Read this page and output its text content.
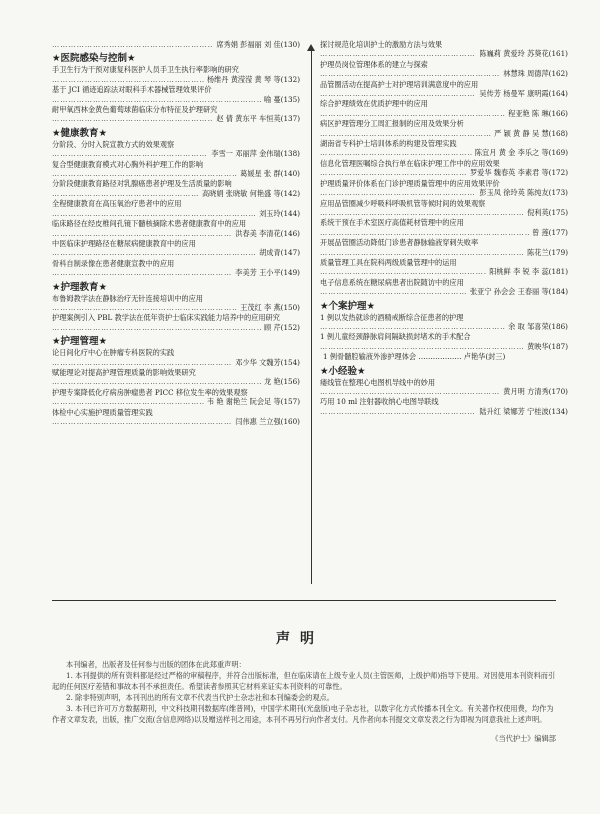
……………………………………………………………………………………………………………………
席秀娟 彭福丽 刘 佳(130)
★医院感染与控制★
手卫生行为干预对康复科医护人员手卫生执行率影响的研究
……………………………………………………………………………………………………………………
杨维丹 黄滢滢 黄 琴 等(132)
基于 JCI 循迹追踪法对眼科手术器械管理效果评价
……………………………………………………………………………………………………………………
喻 蔓(135)
耐甲氧西林金黄色葡萄球菌临床分布特征及护理研究
……………………………………………………………………………………………………………………
赵 倩 黄东平 车恒英(137)
★健康教育★
分阶段、分时入院宣教方式的效果观察
……………………………………………………………………………………………………………………
李雪一 邓丽萍 金伟瑞(138)
复合型健康教育模式对心胸外科护理工作的影响
……………………………………………………………………………………………………………………
葛媛星 张 群(140)
分阶段健康教育路径对乳腺癌患者护理及生活质量的影响
……………………………………………………………………………………………………………………
高晓娟 张晓敏 何艳盛 等(142)
全程健康教育在高压氧治疗患者中的应用
……………………………………………………………………………………………………………………
刘玉玲(144)
临床路径在经皮椎间孔镜下髓核摘除术患者健康教育中的应用
……………………………………………………………………………………………………………………
洪春美 李清花(146)
中医临床护理路径在糖尿病健康教育中的应用
……………………………………………………………………………………………………………………
胡成青(147)
骨科自制录像在患者健康宣教中的应用
……………………………………………………………………………………………………………………
李美芳 王小平(149)
★护理教育★
布鲁姆教学法在静脉治疗无针连接培训中的应用
……………………………………………………………………………………………………………………
王茂红 李 燕(150)
护理案例引入 PBL 教学法在低年资护士临床实践能力培养中的应用研究
……………………………………………………………………………………………………………………
顾 芹(152)
★护理管理★
论日间化疗中心在肿瘤专科医院的实践
……………………………………………………………………………………………………………………
邓少华 文魏芳(154)
赋能理论对提高护理管理质量的影响效果研究
……………………………………………………………………………………………………………………
龙 艳(156)
护理专案降低化疗病房肿瘤患者 PICC 移位发生率的效果观察
……………………………………………………………………………………………………………………
韦 艳 谢艳兰 阮会足 等(157)
体检中心实施护理质量管理实践
……………………………………………………………………………………………………………………
闫伟惠 兰立强(160)
探讨规范化培训护士的激励方法与效果
……………………………………………………………………………………………………………………
陈巍莉 黄爱玲 苏葵花(161)
护理员岗位管理体系的建立与探索
……………………………………………………………………………………………………………………
林慧珠 周德萍(162)
品管圈活动在提高护士对护理培训满意度中的应用
……………………………………………………………………………………………………………………
吴传芳 杨曼军 康明霞(164)
综合护理绩效在优质护理中的应用
……………………………………………………………………………………………………………………
程亚艳 陈 琳(166)
病区护理管理分工周汇报制的应用及效果分析
……………………………………………………………………………………………………………………
严 颖 黄 静 吴 慧(168)
湖南省专科护士培训体系的构建及管理实践
……………………………………………………………………………………………………………………
陈宜月 黄 金 李乐之 等(169)
信息化管理医嘱综合执行单在临床护理工作中的应用效果
……………………………………………………………………………………………………………………
罗爱华 魏春英 李素君 等(172)
护理质量评价体系在门诊护理质量管理中的应用效果评价
……………………………………………………………………………………………………………………
彭玉凤 徐玲英 陈纯友(173)
应用品管圈减少呼吸科呼吸机管等候时间的效果观察
……………………………………………………………………………………………………………………
倪利英(175)
系统干预在手术室医疗高值耗材管理中的应用
……………………………………………………………………………………………………………………
曾 莲(177)
开展品管圈活动降低门诊患者静脉输液穿刺失败率
……………………………………………………………………………………………………………………
陈花兰(179)
质量管理工具在院科两级质量管理中的运用
……………………………………………………………………………………………………………………
阳桃鲜 李 锐 李 蕊(181)
电子信息系统在糖尿病患者出院随访中的应用
……………………………………………………………………………………………………………………
张亚宁 孙会会 王春丽 等(184)
★个案护理★
1 例以发热就诊的酒精戒断综合征患者的护理
……………………………………………………………………………………………………………………
余 取 邹喜荣(186)
1 例儿童经颈静脉肩间隔缺损封堵术的手术配合
……………………………………………………………………………………………………………………
黄映华(187)
1 例骨髓腔输液外渗护理体会 ……………… 卢艳华(封三)
★小经验★
瘘线管在整理心电图机导线中的妙用
……………………………………………………………………………………………………………………
黄月明 方清秀(170)
巧用 10 ml 注射器收纳心电图导联线
……………………………………………………………………………………………………………………
陆升红 梁娜芳 宁桂波(134)
声明

本刊编者，出版者及任何参与出版的团体在此郑重声明：

1. 本刊提供的所有资料都是经过严格的审稿程序，并符合出版标准，但在临床请在上级专业人员(主管医师，上级护师)指导下使用。对因使用本刊资料而引起的任何医疗差错和事故本刊不承担责任。希望读者参照其它材料来证实本刊资料的可靠性。

2. 除非特别声明，本刊刊出的所有文章不代表当代护士杂志社和本刊编委会的观点。

3. 本刊已许可万方数据期刊，中文科技期刊数据库(维普网)，中国学术期刊(光盘版)电子杂志社，以数字化方式传播本刊全文。有关著作权使用费，均作为作者文章发表，出版，推广交流(含信息网络)以及赠送样刊之用途，本刊不再另行向作者支付。凡作者向本刊提交文章发表之行为即视为同意我社上述声明。

《当代护士》编辑部
